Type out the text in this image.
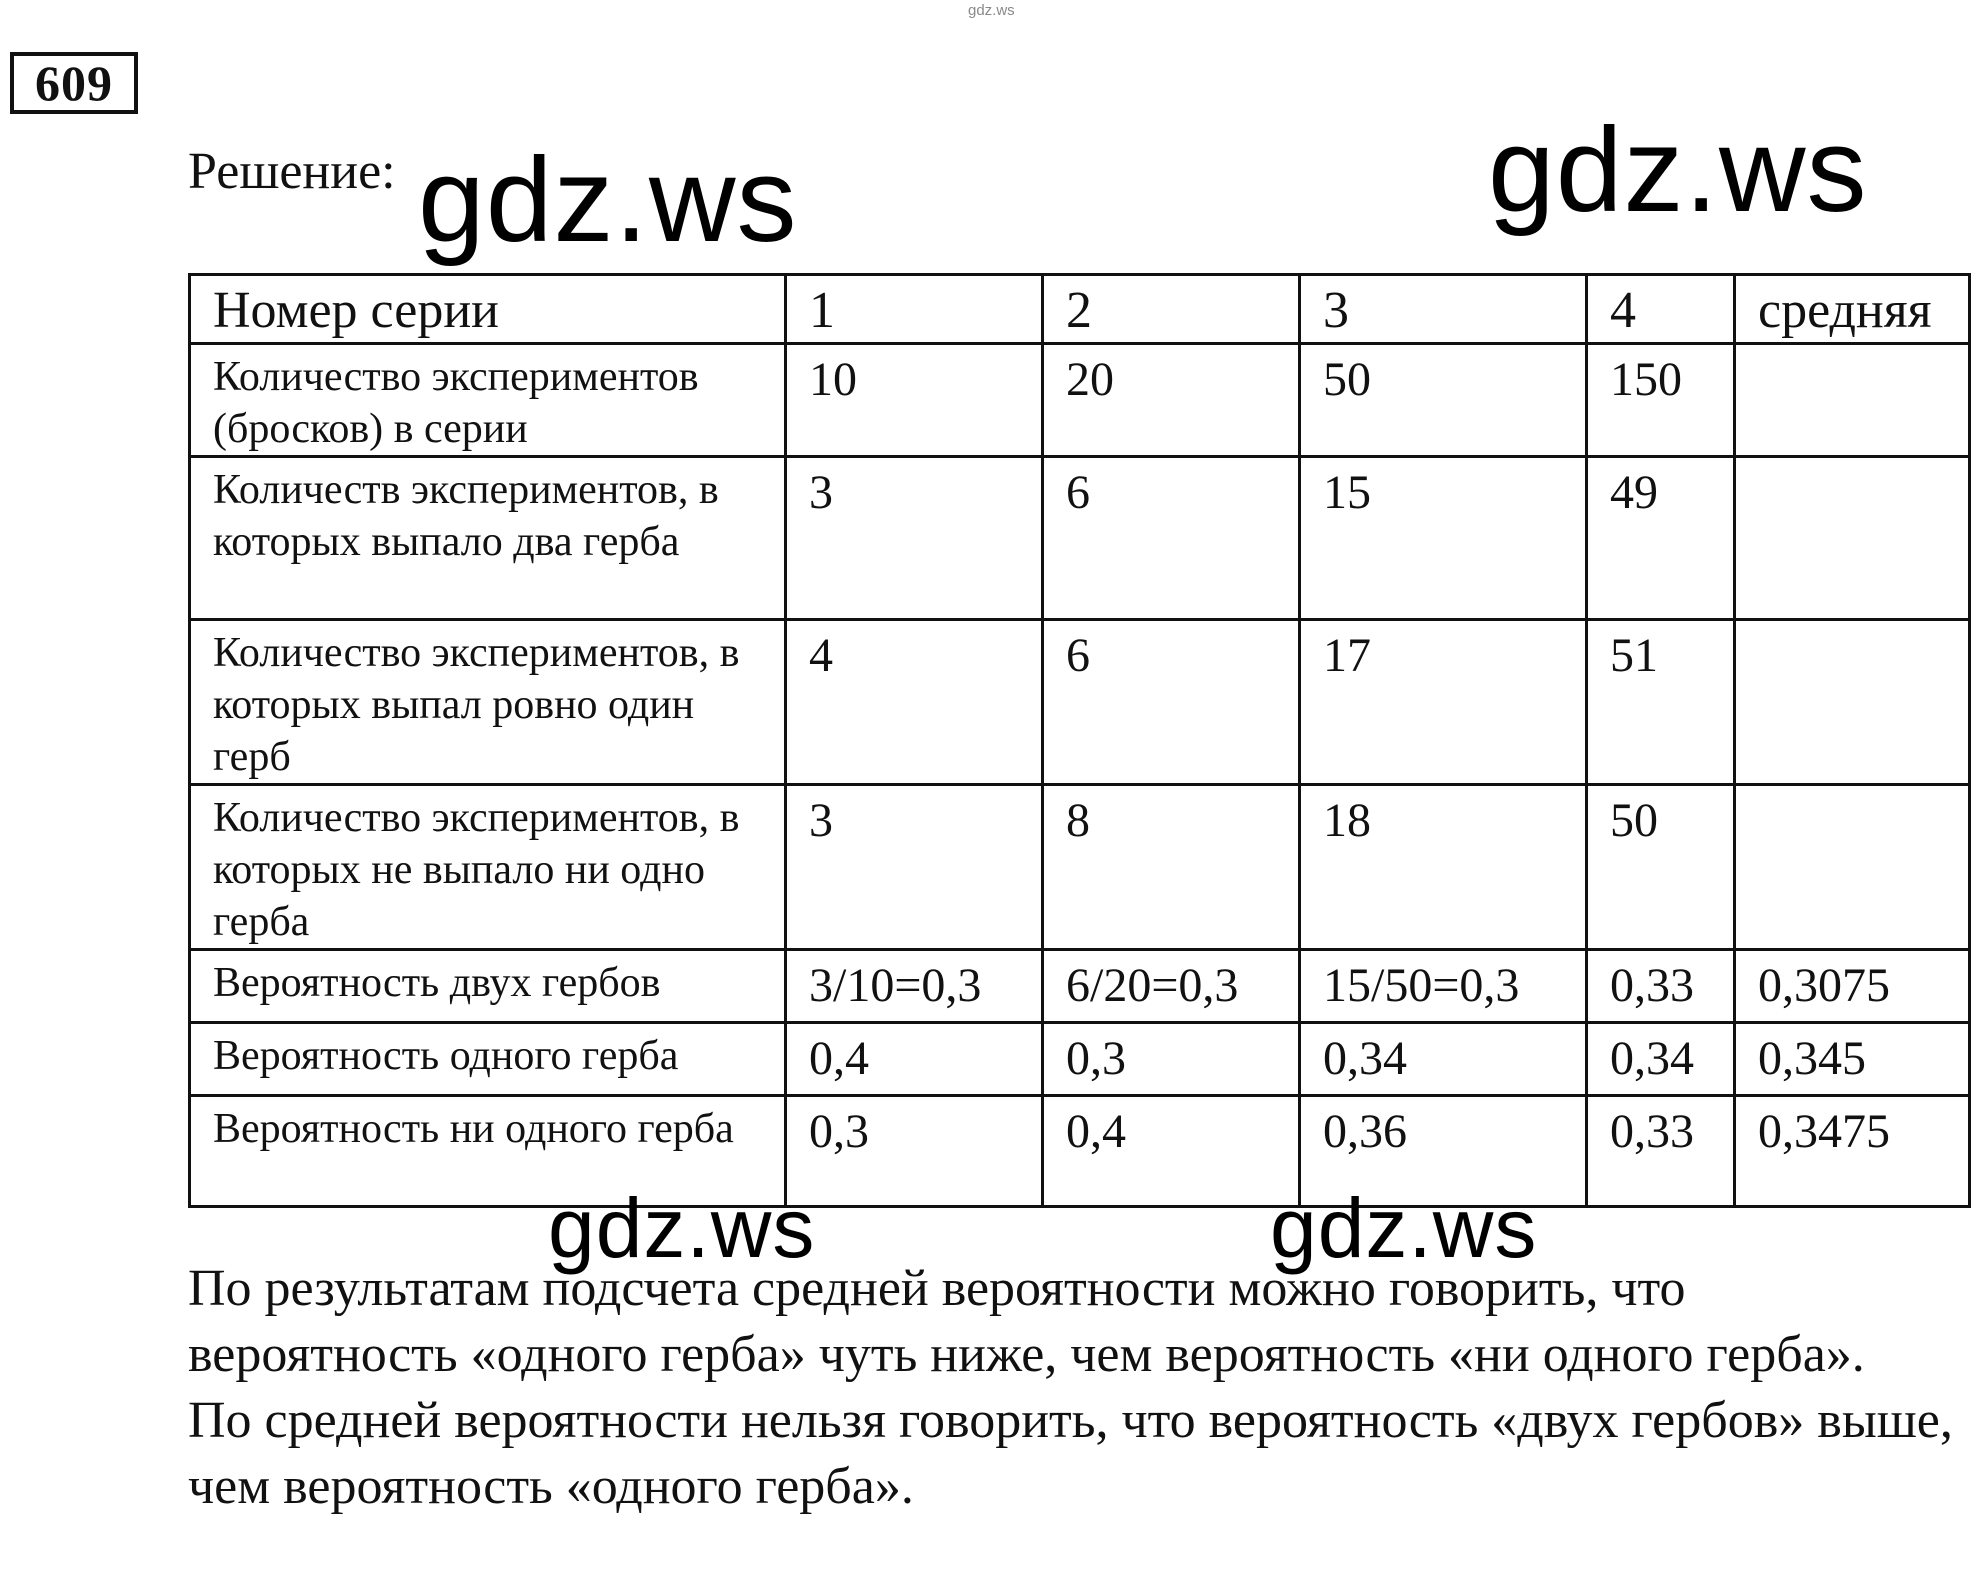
gdz.ws
609
Решение: gdz.ws	gdz.ws
Номер серии	1	2	3	4	средняя
Количество экспериментов (бросков) в серии	10	20	50	150	
Количеств экспериментов, в которых выпало два герба	3	6	15	49	
Количество экспериментов, в которых выпал ровно один герб	4	6	17	51	
Количество экспериментов, в которых не выпало ни одно герба	3	8	18	50	
Вероятность двух гербов	3/10=0,3	6/20=0,3	15/50=0,3	0,33	0,3075
Вероятность одного герба	0,4	0,3	0,34	0,34	0,345
Вероятность ни одного герба	0,3	0,4	0,36	0,33	0,3475
gdz.ws	gdz.ws

По результатам подсчета средней вероятности можно говорить, что вероятность «одного герба» чуть ниже, чем вероятность «ни одного герба».

По средней вероятности нельзя говорить, что вероятность «двух гербов» выше, чем вероятность «одного герба».
